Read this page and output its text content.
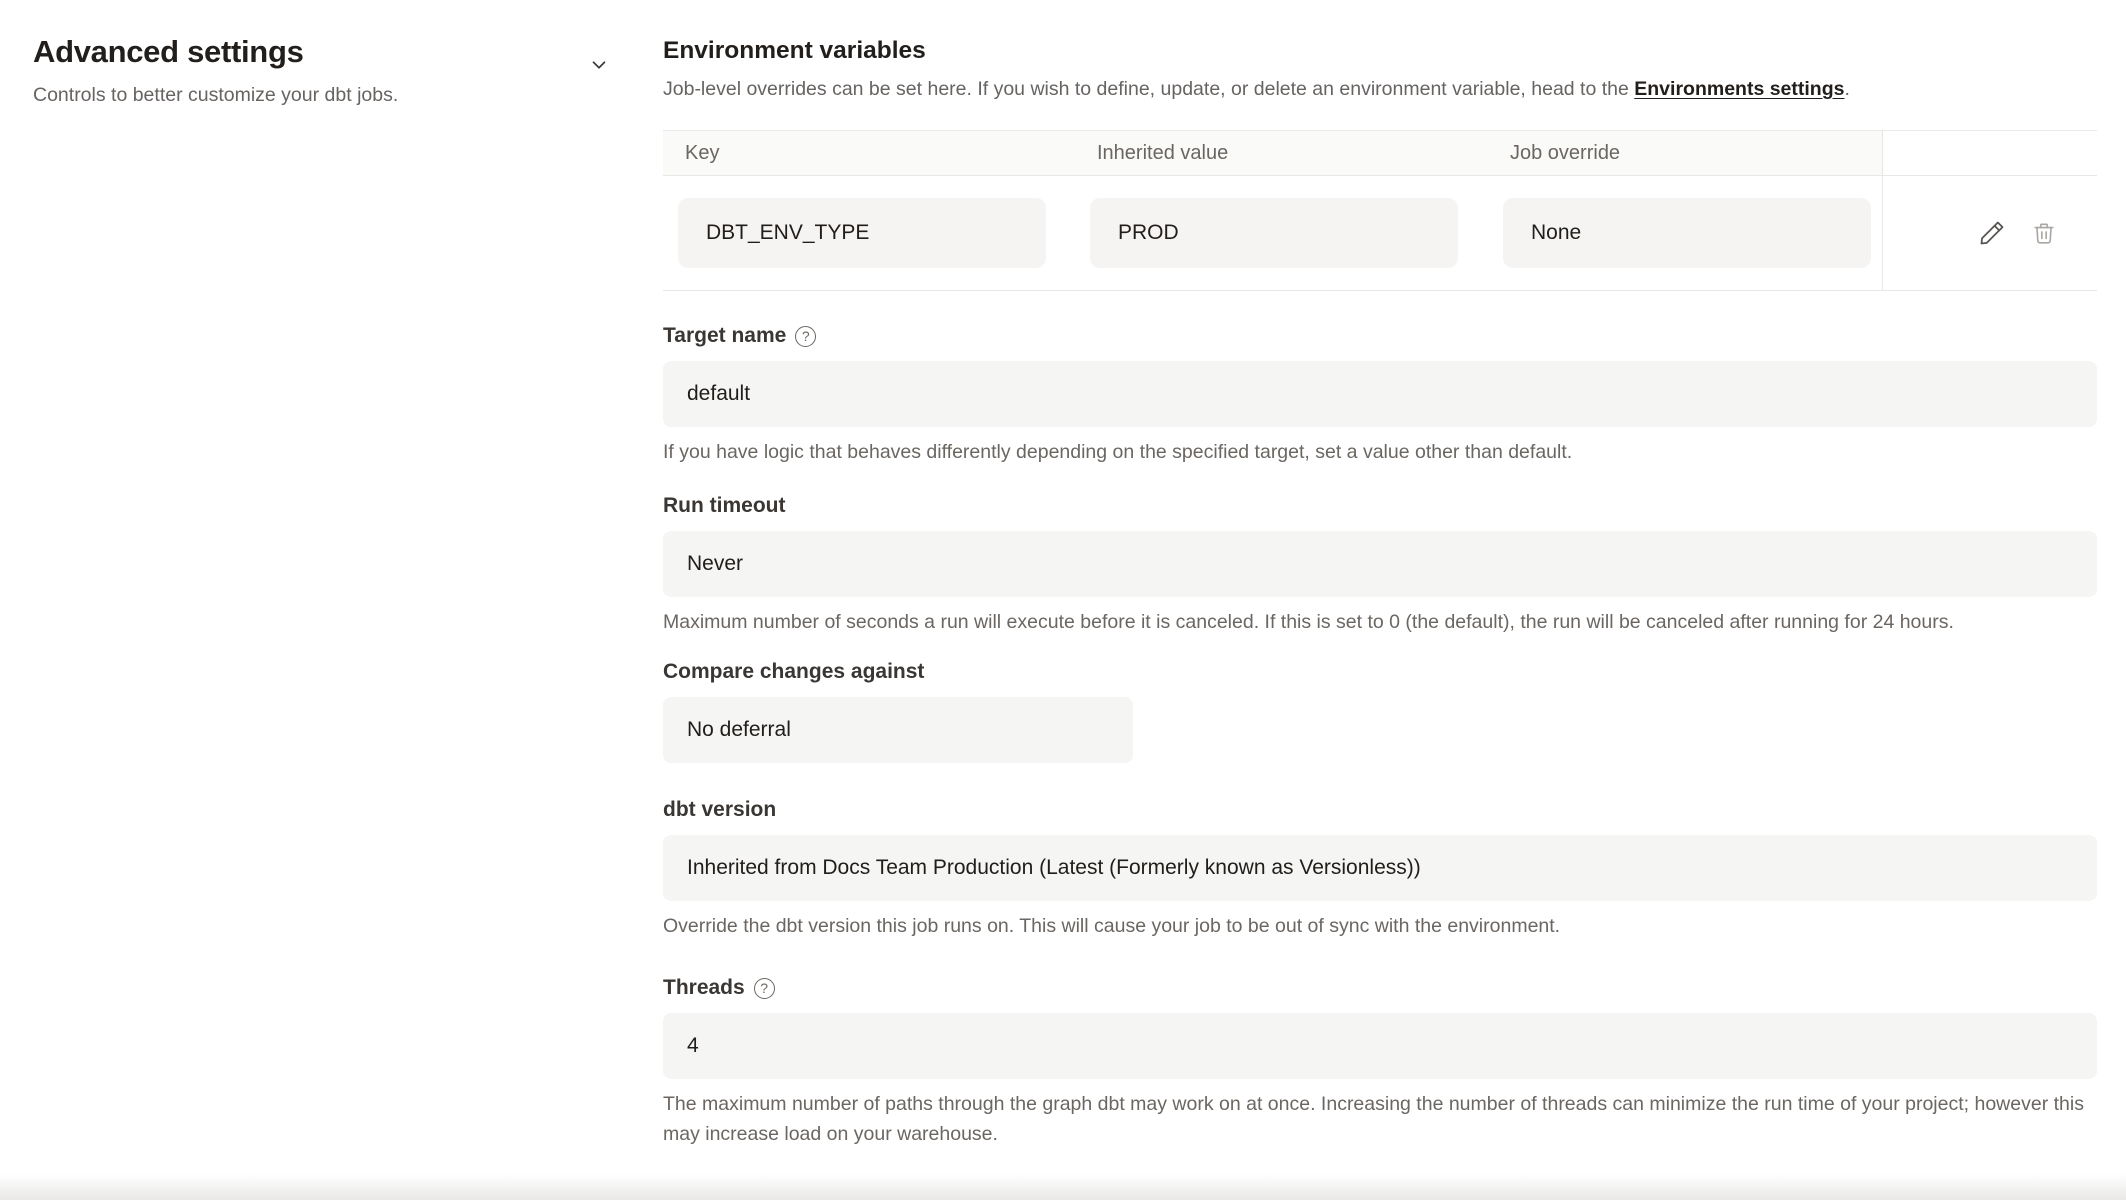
Advanced settings
Controls to better customize your dbt jobs.
Environment variables
Job-level overrides can be set here. If you wish to define, update, or delete an environment variable, head to the Environments settings.
Key	Inherited value	Job override
DBT_ENV_TYPE	PROD	None
Target name	?
default
If you have logic that behaves differently depending on the specified target, set a value other than default.
Run timeout
Never
Maximum number of seconds a run will execute before it is canceled. If this is set to 0 (the default), the run will be canceled after running for 24 hours.
Compare changes against
No deferral
dbt version
Inherited from Docs Team Production (Latest (Formerly known as Versionless))
Override the dbt version this job runs on. This will cause your job to be out of sync with the environment.
Threads	?
4
The maximum number of paths through the graph dbt may work on at once. Increasing the number of threads can minimize the run time of your project; however this may increase load on your warehouse.
